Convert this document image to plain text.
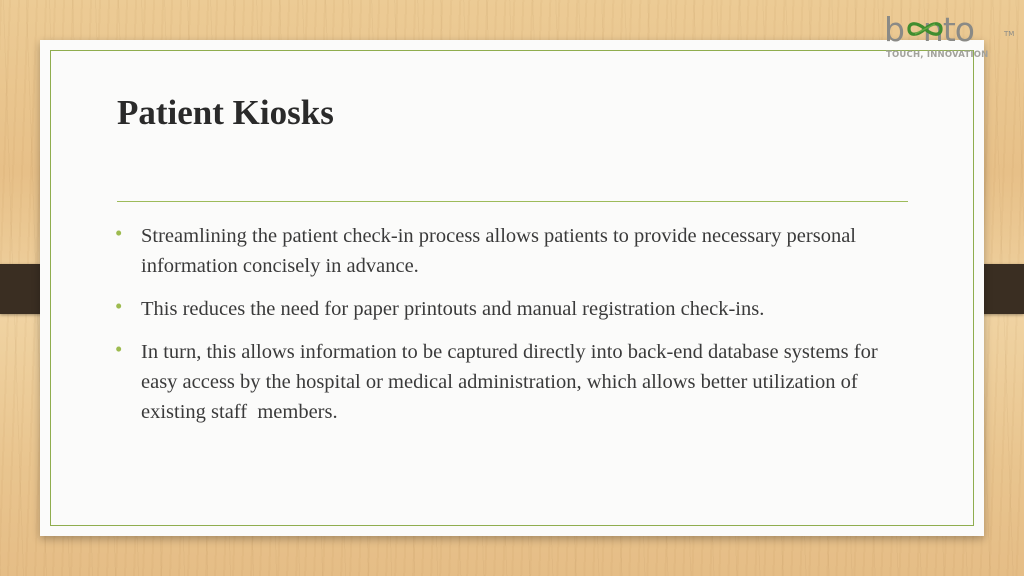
Patient Kiosks
• Streamlining the patient check-in process allows patients to provide necessary personal information concisely in advance.
• This reduces the need for paper printouts and manual registration check-ins.
• In turn, this allows information to be captured directly into back-end database systems for easy access by the hospital or medical administration, which allows better utilization of  existing staff  members.
b  nto	TM
TOUCH, INNOVATION
